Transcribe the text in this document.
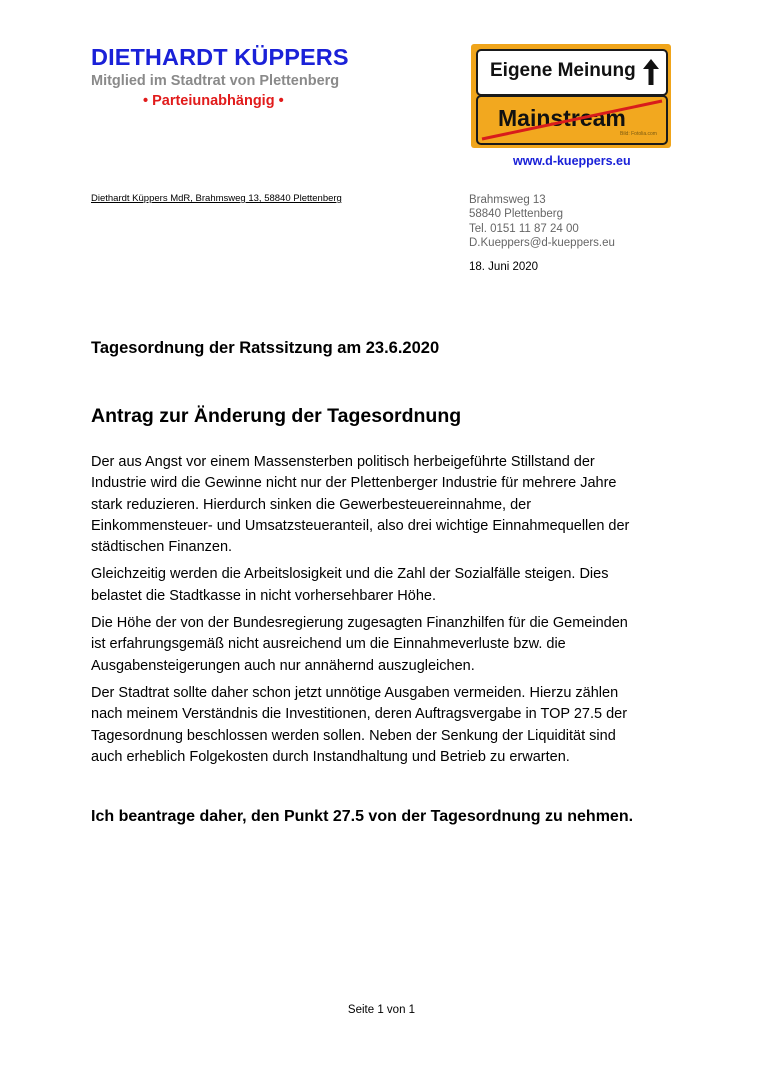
DIETHARDT KÜPPERS
Mitglied im Stadtrat von Plettenberg
• Parteiunabhängig •
Eigene Meinung
Mainstream
Bild: Fotolia.com
www.d-kueppers.eu
Diethardt Küppers MdR, Brahmsweg 13, 58840 Plettenberg	Brahmsweg 13
58840 Plettenberg
Tel. 0151 11 87 24 00
D.Kueppers@d-kueppers.eu
18. Juni 2020
Tagesordnung der Ratssitzung am 23.6.2020
Antrag zur Änderung der Tagesordnung

Der aus Angst vor einem Massensterben politisch herbeigeführte Stillstand der
Industrie wird die Gewinne nicht nur der Plettenberger Industrie für mehrere Jahre
stark reduzieren. Hierdurch sinken die Gewerbesteuereinnahme, der
Einkommensteuer- und Umsatzsteueranteil, also drei wichtige Einnahmequellen der
städtischen Finanzen.

Gleichzeitig werden die Arbeitslosigkeit und die Zahl der Sozialfälle steigen. Dies
belastet die Stadtkasse in nicht vorhersehbarer Höhe.

Die Höhe der von der Bundesregierung zugesagten Finanzhilfen für die Gemeinden
ist erfahrungsgemäß nicht ausreichend um die Einnahmeverluste bzw. die
Ausgabensteigerungen auch nur annähernd auszugleichen.

Der Stadtrat sollte daher schon jetzt unnötige Ausgaben vermeiden. Hierzu zählen
nach meinem Verständnis die Investitionen, deren Auftragsvergabe in TOP 27.5 der
Tagesordnung beschlossen werden sollen. Neben der Senkung der Liquidität sind
auch erheblich Folgekosten durch Instandhaltung und Betrieb zu erwarten.

Ich beantrage daher, den Punkt 27.5 von der Tagesordnung zu nehmen.
Seite 1 von 1
